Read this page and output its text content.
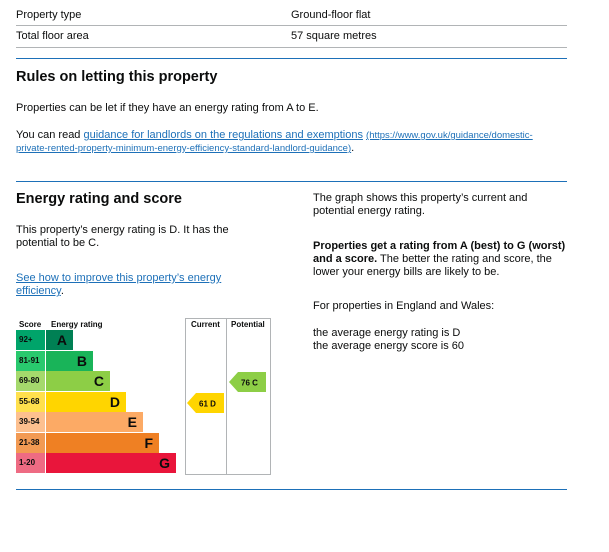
Property type	Ground-floor flat
Total floor area	57 square metres
Rules on letting this property
Properties can be let if they have an energy rating from A to E.
You can read guidance for landlords on the regulations and exemptions (https://www.gov.uk/guidance/domestic-
private-rented-property-minimum-energy-efficiency-standard-landlord-guidance).
Energy rating and score
This property’s energy rating is D. It has the
potential to be C.
See how to improve this property’s energy
efficiency.
The graph shows this property’s current and
potential energy rating.
Properties get a rating from A (best) to G (worst)
and a score. The better the rating and score, the
lower your energy bills are likely to be.
For properties in England and Wales:
the average energy rating is D
the average energy score is 60
Score Energy rating	Current Potential
92+	A
81-91	B
69-80	C
55-68	D
39-54	E
21-38	F
1-20	G
61 D
76 C
